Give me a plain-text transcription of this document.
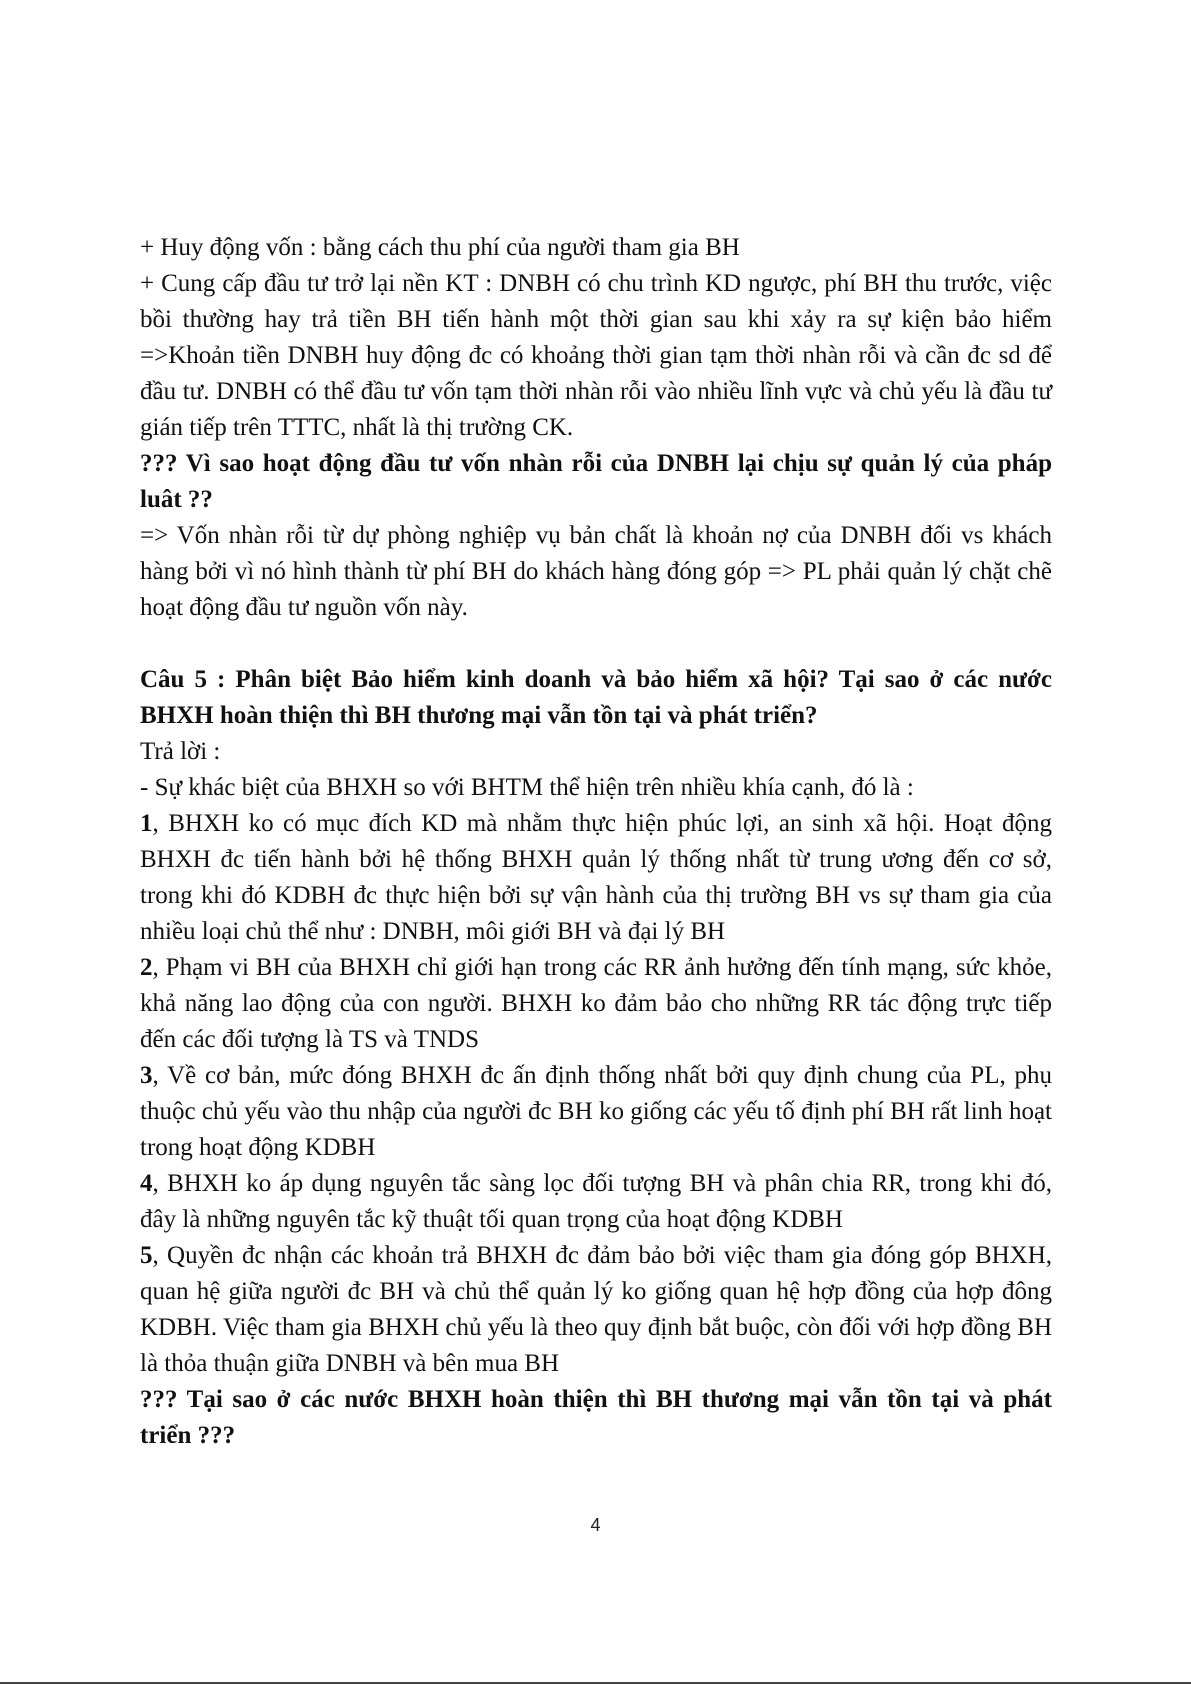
+ Huy động vốn : bằng cách thu phí của người tham gia BH

+ Cung cấp đầu tư trở lại nền KT : DNBH có chu trình KD ngược, phí BH thu trước, việc bồi thường hay trả tiền BH tiến hành một thời gian sau khi xảy ra sự kiện bảo hiểm =>Khoản tiền DNBH huy động đc có khoảng thời gian tạm thời nhàn rỗi và cần đc sd để đầu tư. DNBH có thể đầu tư vốn tạm thời nhàn rỗi vào nhiều lĩnh vực và chủ yếu là đầu tư gián tiếp trên TTTC, nhất là thị trường CK.

??? Vì sao hoạt động đầu tư vốn nhàn rỗi của DNBH lại chịu sự quản lý của pháp luât ??

=> Vốn nhàn rỗi từ dự phòng nghiệp vụ bản chất là khoản nợ của DNBH đối vs khách hàng bởi vì nó hình thành từ phí BH do khách hàng đóng góp => PL phải quản lý chặt chẽ hoạt động đầu tư nguồn vốn này.

Câu 5 : Phân biệt Bảo hiểm kinh doanh và bảo hiểm xã hội? Tại sao ở các nước BHXH hoàn thiện thì BH thương mại vẫn tồn tại và phát triển?

Trả lời :

- Sự khác biệt của BHXH so với BHTM thể hiện trên nhiều khía cạnh, đó là :

1, BHXH ko có mục đích KD mà nhằm thực hiện phúc lợi, an sinh xã hội. Hoạt động BHXH đc tiến hành bởi hệ thống BHXH quản lý thống nhất từ trung ương đến cơ sở, trong khi đó KDBH đc thực hiện bởi sự vận hành của thị trường BH vs sự tham gia của nhiều loại chủ thể như : DNBH, môi giới BH và đại lý BH

2, Phạm vi BH của BHXH chỉ giới hạn trong các RR ảnh hưởng đến tính mạng, sức khỏe, khả năng lao động của con người. BHXH ko đảm bảo cho những RR tác động trực tiếp đến các đối tượng là TS và TNDS

3, Về cơ bản, mức đóng BHXH đc ấn định thống nhất bởi quy định chung của PL, phụ thuộc chủ yếu vào thu nhập của người đc BH ko giống các yếu tố định phí BH rất linh hoạt trong hoạt động KDBH

4, BHXH ko áp dụng nguyên tắc sàng lọc đối tượng BH và phân chia RR, trong khi đó, đây là những nguyên tắc kỹ thuật tối quan trọng của hoạt động KDBH

5, Quyền đc nhận các khoản trả BHXH đc đảm bảo bởi việc tham gia đóng góp BHXH, quan hệ giữa người đc BH và chủ thể quản lý ko giống quan hệ hợp đồng của hợp đông KDBH. Việc tham gia BHXH chủ yếu là theo quy định bắt buộc, còn đối với hợp đồng BH là thỏa thuận giữa DNBH và bên mua BH

??? Tại sao ở các nước BHXH hoàn thiện thì BH thương mại vẫn tồn tại và phát triển ???

4
